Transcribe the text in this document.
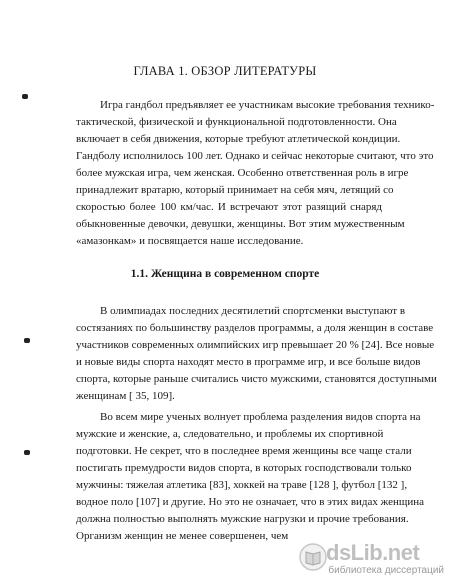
ГЛАВА 1. ОБЗОР ЛИТЕРАТУРЫ
Игра гандбол предъявляет ее участникам высокие требования технико-
тактической, физической и функциональной подготовленности. Она
включает в себя движения, которые требуют атлетической кондиции.
Гандболу исполнилось 100 лет. Однако и сейчас некоторые считают, что это
более мужская игра, чем женская. Особенно ответственная роль в игре
принадлежит вратарю, который принимает на себя мяч, летящий со
скоростью более 100 км/час. И встречают этот разящий снаряд
обыкновенные девочки, девушки, женщины. Вот этим мужественным
«амазонкам» и посвящается наше исследование.
1.1. Женщина в современном спорте
В олимпиадах последних десятилетий спортсменки выступают в
состязаниях по большинству разделов программы, а доля женщин в составе
участников современных олимпийских игр превышает 20 % [24]. Все новые
и новые виды спорта находят место в программе игр, и все больше видов
спорта, которые раньше считались чисто мужскими, становятся доступными
женщинам [ 35, 109].
Во всем мире ученых волнует проблема разделения видов спорта на
мужские и женские, а, следовательно, и проблемы их спортивной
подготовки. Не секрет, что в последнее время женщины все чаще стали
постигать премудрости видов спорта, в которых господствовали только
мужчины: тяжелая атлетика [83], хоккей на траве [128 ], футбол [132 ],
водное поло [107] и другие. Но это не означает, что в этих видах женщина
должна полностью выполнять мужские нагрузки и прочие требования.
Организм женщин не менее совершенен, чем
dsLib.net
библиотека диссертаций
